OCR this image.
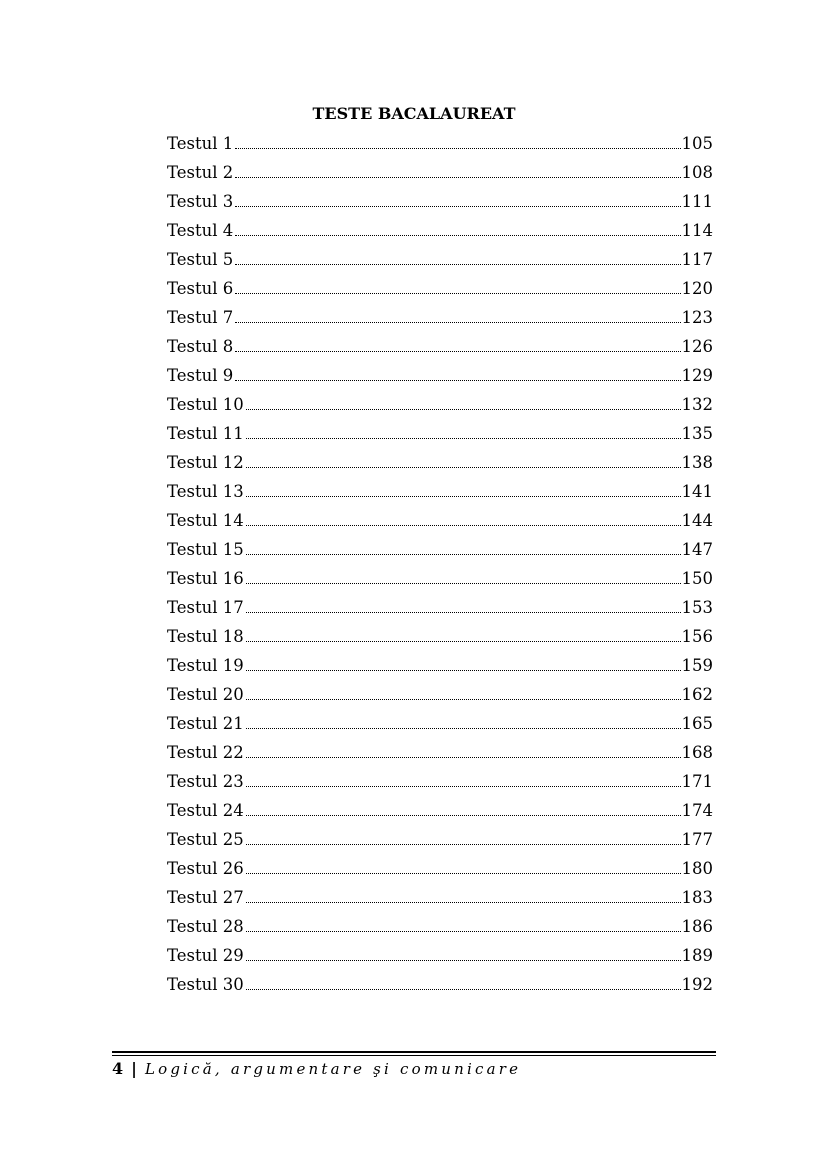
TESTE BACALAUREAT
Testul 1	105
Testul 2	108
Testul 3	111
Testul 4	114
Testul 5	117
Testul 6	120
Testul 7	123
Testul 8	126
Testul 9	129
Testul 10	132
Testul 11	135
Testul 12	138
Testul 13	141
Testul 14	144
Testul 15	147
Testul 16	150
Testul 17	153
Testul 18	156
Testul 19	159
Testul 20	162
Testul 21	165
Testul 22	168
Testul 23	171
Testul 24	174
Testul 25	177
Testul 26	180
Testul 27	183
Testul 28	186
Testul 29	189
Testul 30	192
4 | Logică, argumentare şi comunicare
